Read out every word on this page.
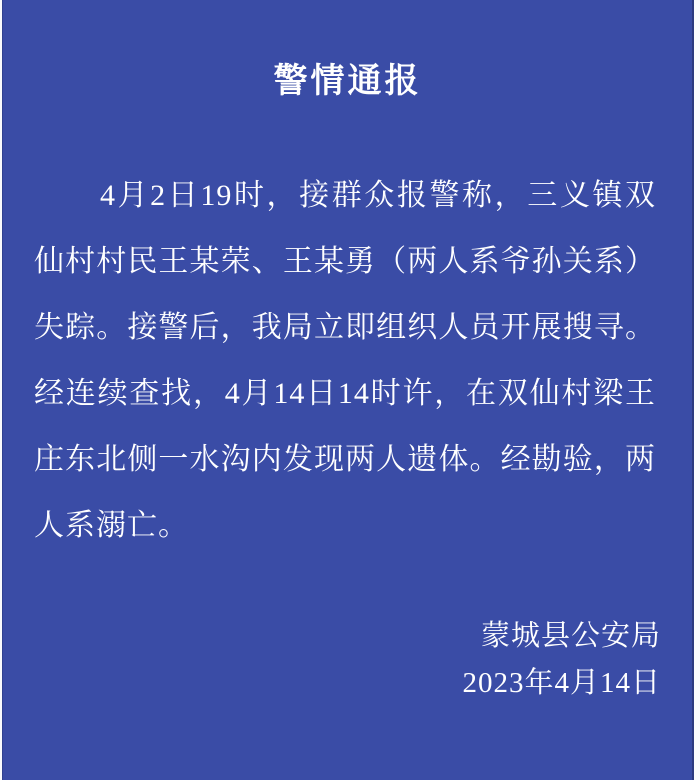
警情通报

4月2日19时，接群众报警称，三义镇双仙村村民王某荣、王某勇（两人系爷孙关系）失踪。接警后，我局立即组织人员开展搜寻。经连续查找，4月14日14时许，在双仙村梁王庄东北侧一水沟内发现两人遗体。经勘验，两人系溺亡。

蒙城县公安局
2023年4月14日
